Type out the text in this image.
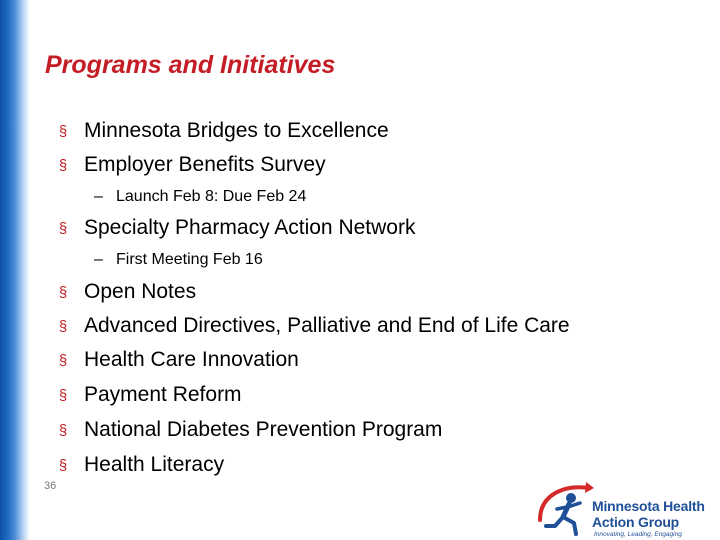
Programs and Initiatives
§ Minnesota Bridges to Excellence
§ Employer Benefits Survey
– Launch Feb 8: Due Feb 24
§ Specialty Pharmacy Action Network
– First Meeting Feb 16
§ Open Notes
§ Advanced Directives, Palliative and End of Life Care
§ Health Care Innovation
§ Payment Reform
§ National Diabetes Prevention Program
§ Health Literacy
36
Minnesota Health
Action Group
Innovating, Leading, Engaging
